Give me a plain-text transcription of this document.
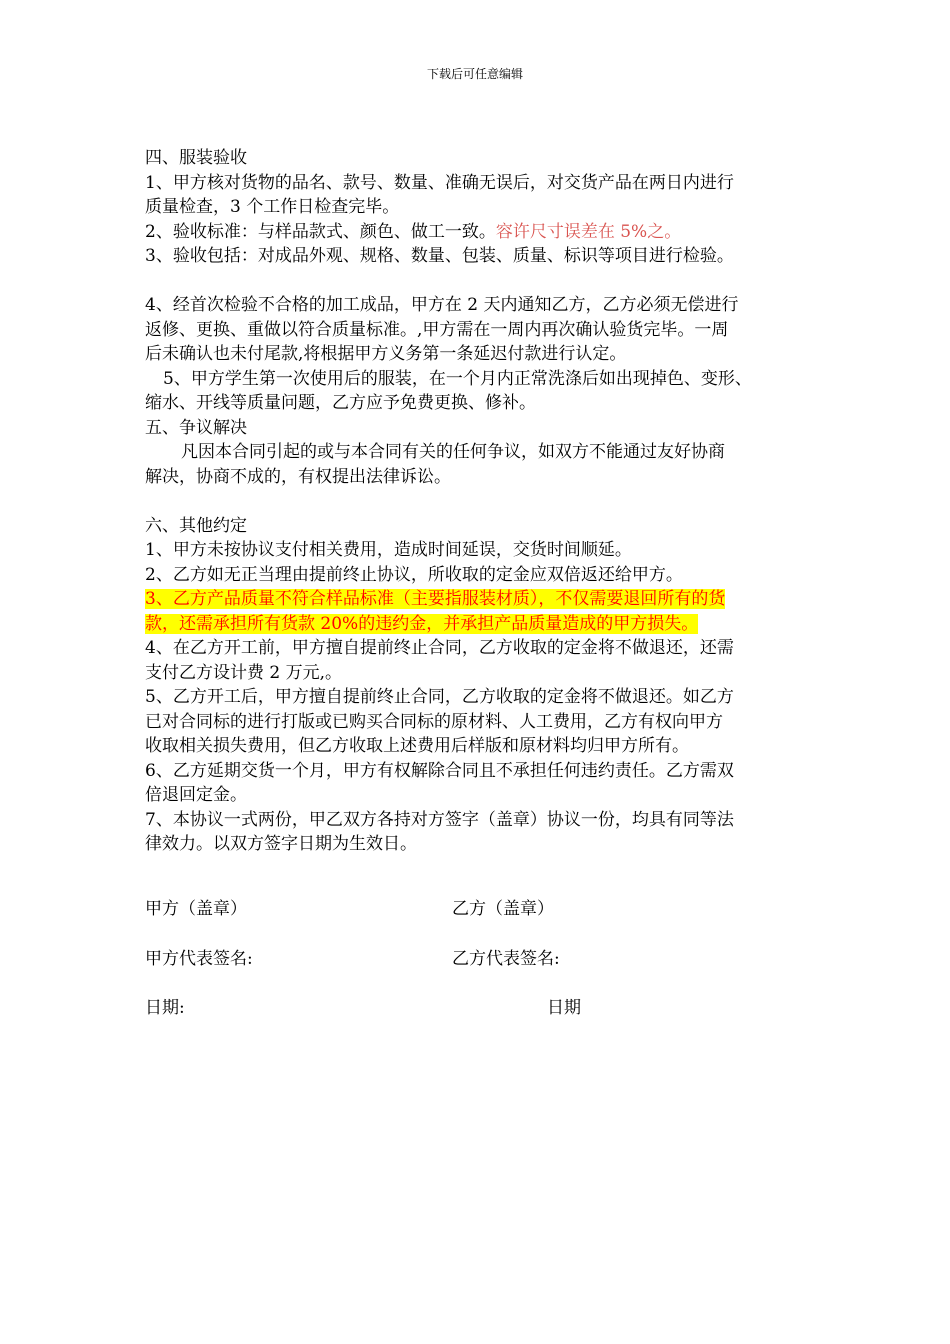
下载后可任意编辑
四、服装验收
1、甲方核对货物的品名、款号、数量、准确无误后，对交货产品在两日内进行
质量检查，3 个工作日检查完毕。
2、验收标准：与样品款式、颜色、做工一致。容许尺寸误差在 5%之。
3、验收包括：对成品外观、规格、数量、包装、质量、标识等项目进行检验。
4、经首次检验不合格的加工成品，甲方在 2 天内通知乙方，乙方必须无偿进行
返修、更换、重做以符合质量标准。,甲方需在一周内再次确认验货完毕。一周
后未确认也未付尾款,将根据甲方义务第一条延迟付款进行认定。
5、甲方学生第一次使用后的服装，在一个月内正常洗涤后如出现掉色、变形、
缩水、开线等质量问题，乙方应予免费更换、修补。
五、争议解决
凡因本合同引起的或与本合同有关的任何争议，如双方不能通过友好协商
解决，协商不成的，有权提出法律诉讼。
六、其他约定
1、甲方未按协议支付相关费用，造成时间延误，交货时间顺延。
2、乙方如无正当理由提前终止协议，所收取的定金应双倍返还给甲方。
3、乙方产品质量不符合样品标准（主要指服装材质），不仅需要退回所有的货
款，还需承担所有货款 20%的违约金，并承担产品质量造成的甲方损失。
4、在乙方开工前，甲方擅自提前终止合同，乙方收取的定金将不做退还，还需
支付乙方设计费 2 万元,。
5、乙方开工后，甲方擅自提前终止合同，乙方收取的定金将不做退还。如乙方
已对合同标的进行打版或已购买合同标的原材料、人工费用，乙方有权向甲方
收取相关损失费用，但乙方收取上述费用后样版和原材料均归甲方所有。
6、乙方延期交货一个月，甲方有权解除合同且不承担任何违约责任。乙方需双
倍退回定金。
7、本协议一式两份，甲乙双方各持对方签字（盖章）协议一份，均具有同等法
律效力。以双方签字日期为生效日。
甲方（盖章）	乙方（盖章）
甲方代表签名:	乙方代表签名:
日期:	日期
